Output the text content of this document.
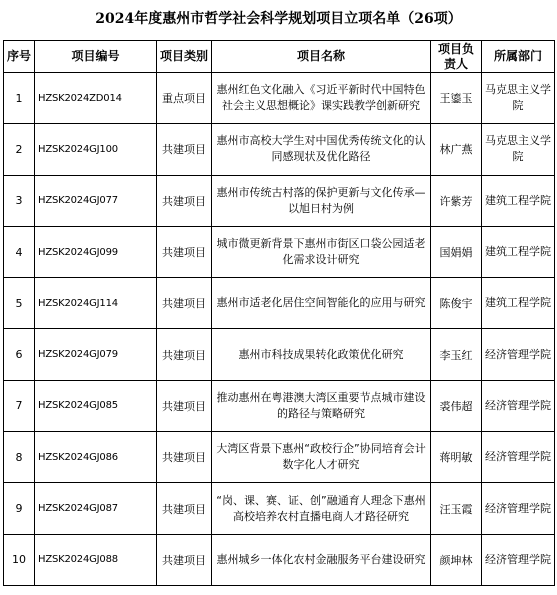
2024年度惠州市哲学社会科学规划项目立项名单（26项）
序号	项目编号	项目类别	项目名称	项目负责人	所属部门
1	HZSK2024ZD014	重点项目	惠州红色文化融入《习近平新时代中国特色社会主义思想概论》课实践教学创新研究	王鎏玉	马克思主义学院
2	HZSK2024GJ100	共建项目	惠州市高校大学生对中国优秀传统文化的认同感现状及优化路径	林广燕	马克思主义学院
3	HZSK2024GJ077	共建项目	惠州市传统古村落的保护更新与文化传承—以旭日村为例	许紫芳	建筑工程学院
4	HZSK2024GJ099	共建项目	城市微更新背景下惠州市街区口袋公园适老化需求设计研究	国娟娟	建筑工程学院
5	HZSK2024GJ114	共建项目	惠州市适老化居住空间智能化的应用与研究	陈俊宇	建筑工程学院
6	HZSK2024GJ079	共建项目	惠州市科技成果转化政策优化研究	李玉红	经济管理学院
7	HZSK2024GJ085	共建项目	推动惠州在粤港澳大湾区重要节点城市建设的路径与策略研究	裘伟超	经济管理学院
8	HZSK2024GJ086	共建项目	大湾区背景下惠州“政校行企”协同培育会计数字化人才研究	蒋明敏	经济管理学院
9	HZSK2024GJ087	共建项目	“岗、课、赛、证、创”融通育人理念下惠州高校培养农村直播电商人才路径研究	汪玉霞	经济管理学院
10	HZSK2024GJ088	共建项目	惠州城乡一体化农村金融服务平台建设研究	颜坤林	经济管理学院
